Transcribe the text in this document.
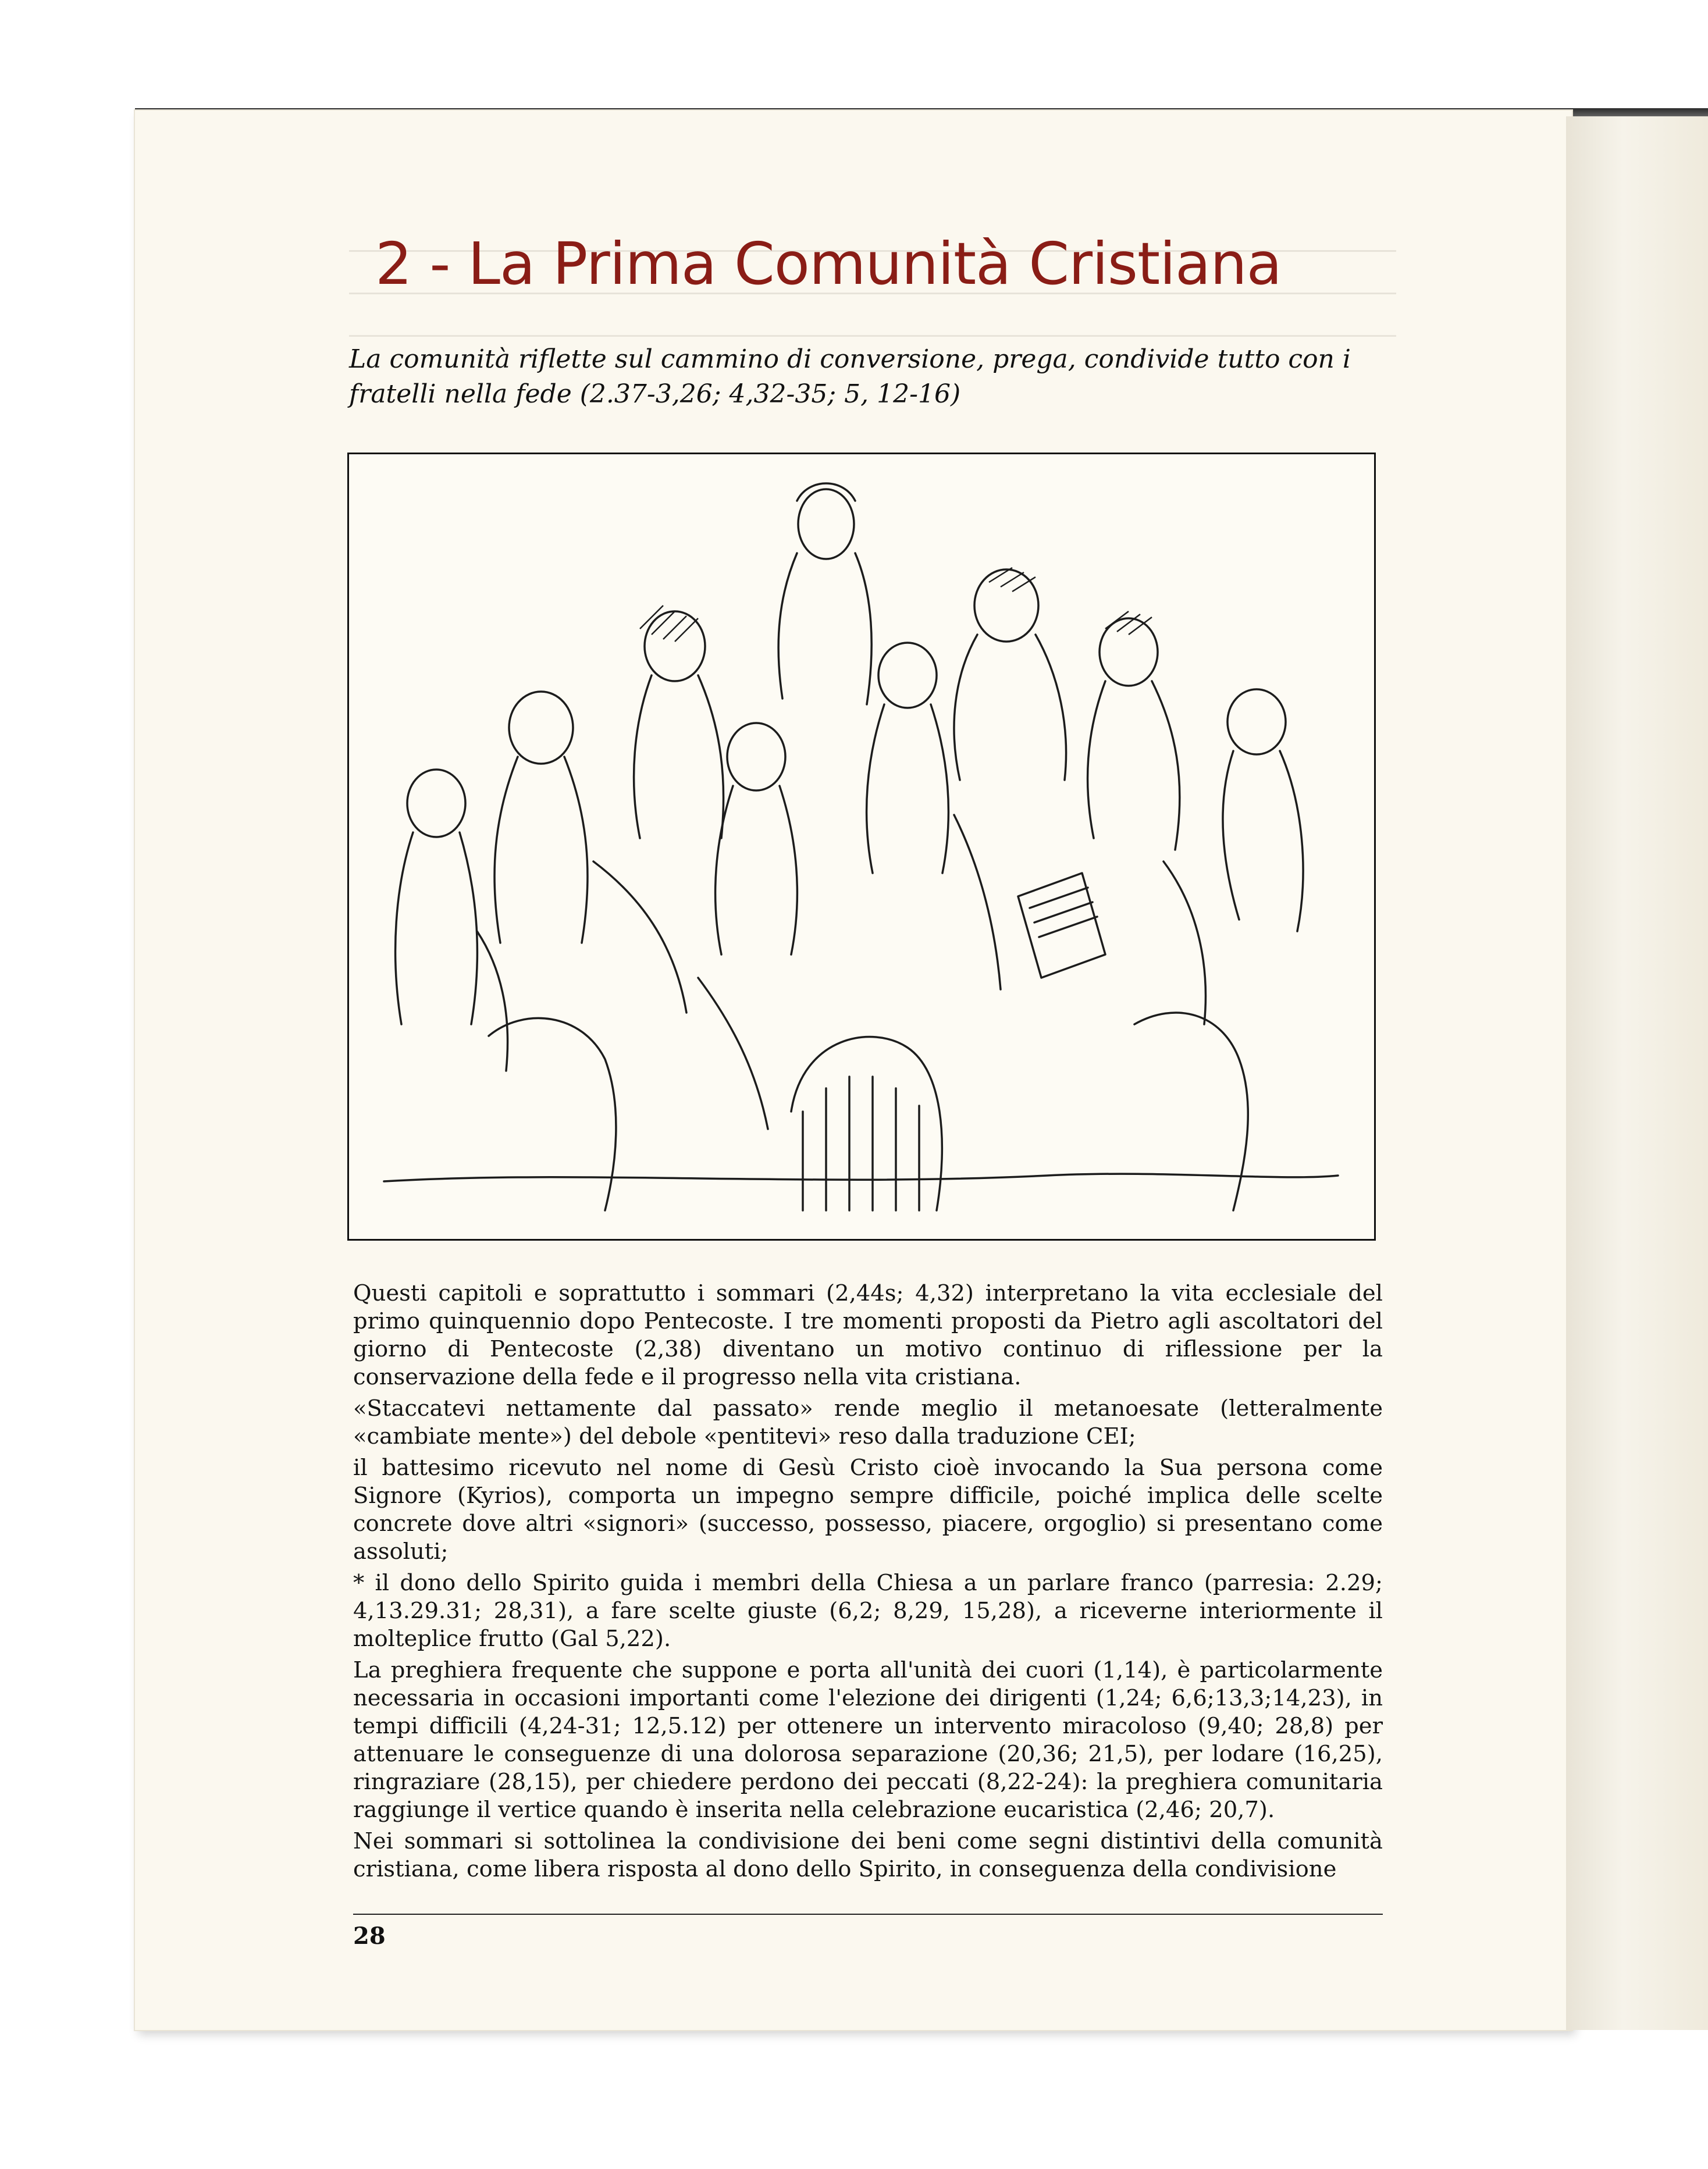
2 - La Prima Comunità Cristiana
La comunità riflette sul cammino di conversione, prega, condivide tutto con i fratelli nella fede (2.37-3,26; 4,32-35; 5, 12-16)

Questi capitoli e soprattutto i sommari (2,44s; 4,32) interpretano la vita ecclesiale del primo quinquennio dopo Pentecoste. I tre momenti proposti da Pietro agli ascoltatori del giorno di Pentecoste (2,38) diventano un motivo continuo di riflessione per la conservazione della fede e il progresso nella vita cristiana.

«Staccatevi nettamente dal passato» rende meglio il metanoesate (letteralmente «cambiate mente») del debole «pentitevi» reso dalla traduzione CEI;

il battesimo ricevuto nel nome di Gesù Cristo cioè invocando la Sua persona come Signore (Kyrios), comporta un impegno sempre difficile, poiché implica delle scelte concrete dove altri «signori» (successo, possesso, piacere, orgoglio) si presentano come assoluti;

* il dono dello Spirito guida i membri della Chiesa a un parlare franco (parresia: 2.29; 4,13.29.31; 28,31), a fare scelte giuste (6,2; 8,29, 15,28), a riceverne interiormente il molteplice frutto (Gal 5,22).

La preghiera frequente che suppone e porta all'unità dei cuori (1,14), è particolarmente necessaria in occasioni importanti come l'elezione dei dirigenti (1,24; 6,6;13,3;14,23), in tempi difficili (4,24-31; 12,5.12) per ottenere un intervento miracoloso (9,40; 28,8) per attenuare le conseguenze di una dolorosa separazione (20,36; 21,5), per lodare (16,25), ringraziare (28,15), per chiedere perdono dei peccati (8,22-24): la preghiera comunitaria raggiunge il vertice quando è inserita nella celebrazione eucaristica (2,46; 20,7).

Nei sommari si sottolinea la condivisione dei beni come segni distintivi della comunità cristiana, come libera risposta al dono dello Spirito, in conseguenza della condivisione

28
